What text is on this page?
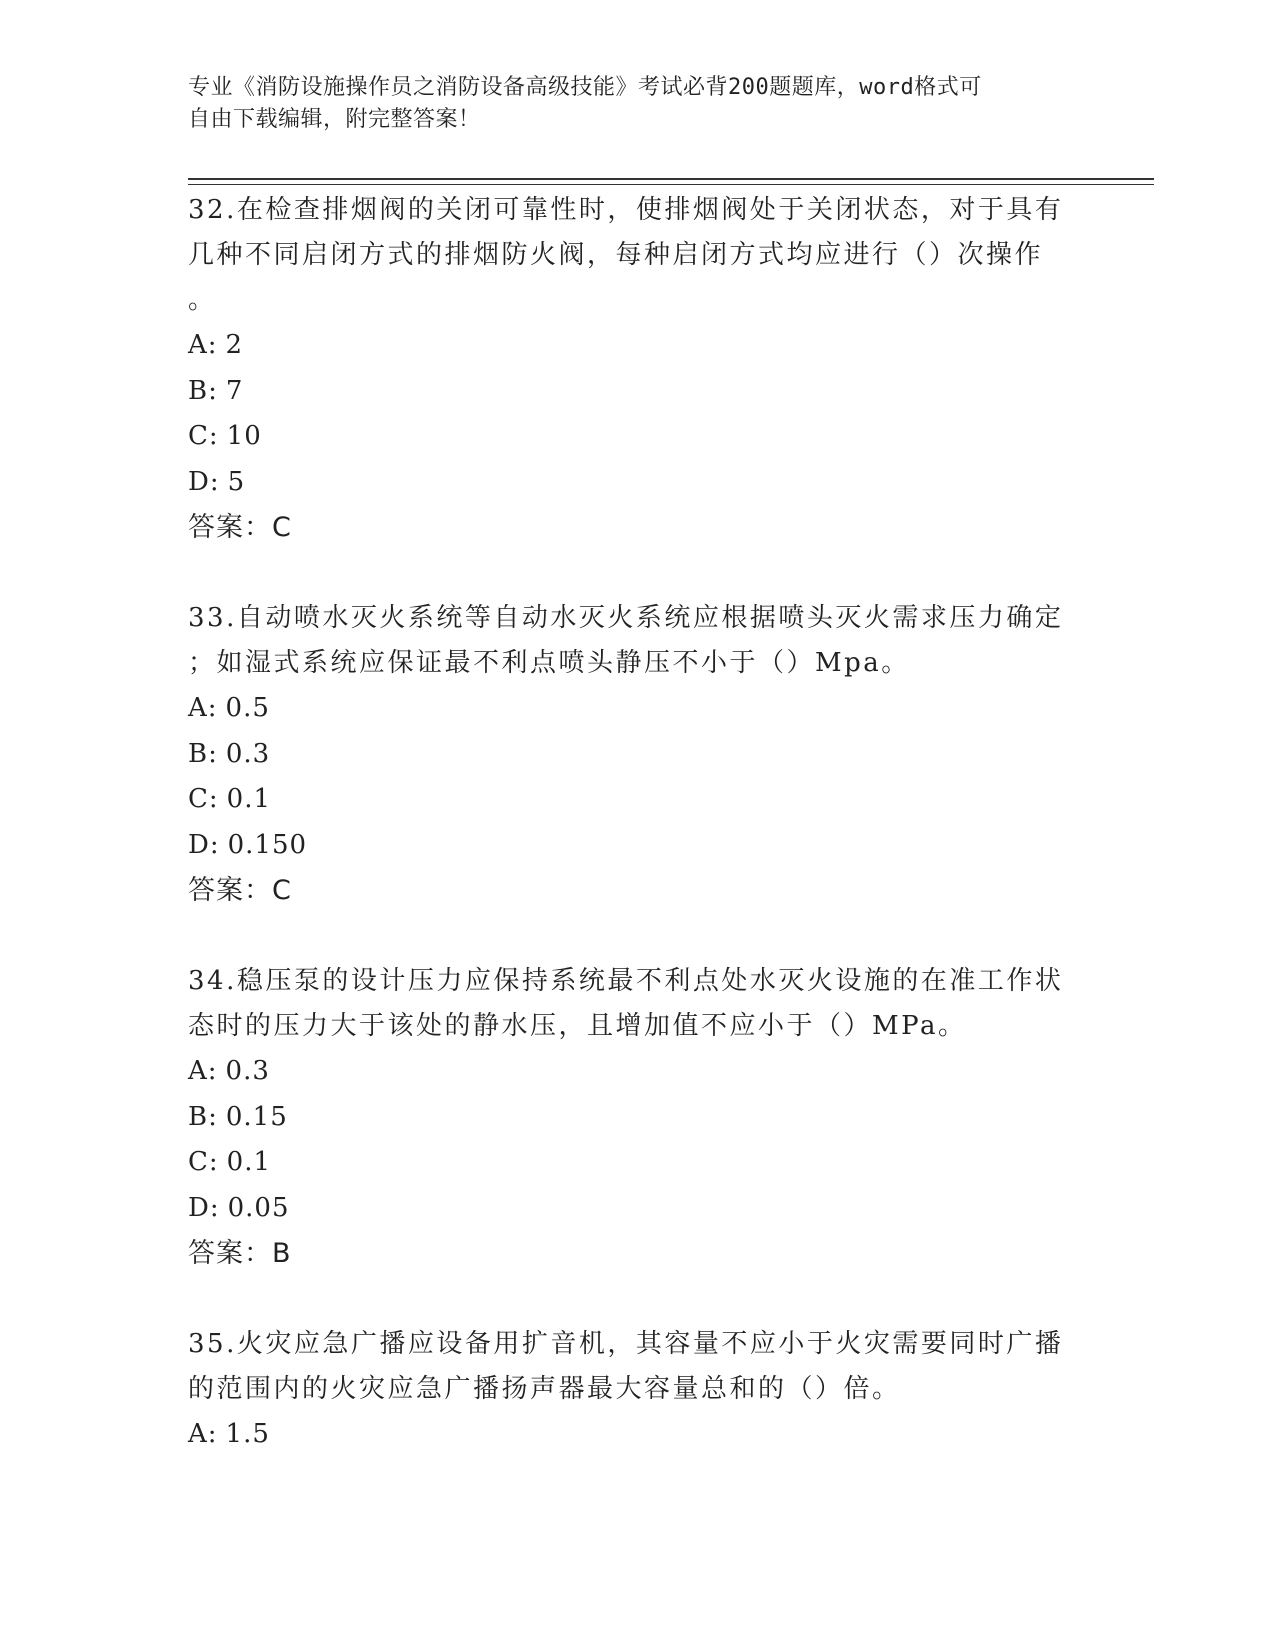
专业《消防设施操作员之消防设备高级技能》考试必背200题题库，word格式可
自由下载编辑，附完整答案！
32.在检查排烟阀的关闭可靠性时，使排烟阀处于关闭状态，对于具有
几种不同启闭方式的排烟防火阀，每种启闭方式均应进行（）次操作
。
A: 2
B: 7
C: 10
D: 5
答案：C
33.自动喷水灭火系统等自动水灭火系统应根据喷头灭火需求压力确定
；如湿式系统应保证最不利点喷头静压不小于（）Mpa。
A: 0.5
B: 0.3
C: 0.1
D: 0.150
答案：C
34.稳压泵的设计压力应保持系统最不利点处水灭火设施的在准工作状
态时的压力大于该处的静水压，且增加值不应小于（）MPa。
A: 0.3
B: 0.15
C: 0.1
D: 0.05
答案：B
35.火灾应急广播应设备用扩音机，其容量不应小于火灾需要同时广播
的范围内的火灾应急广播扬声器最大容量总和的（）倍。
A: 1.5
